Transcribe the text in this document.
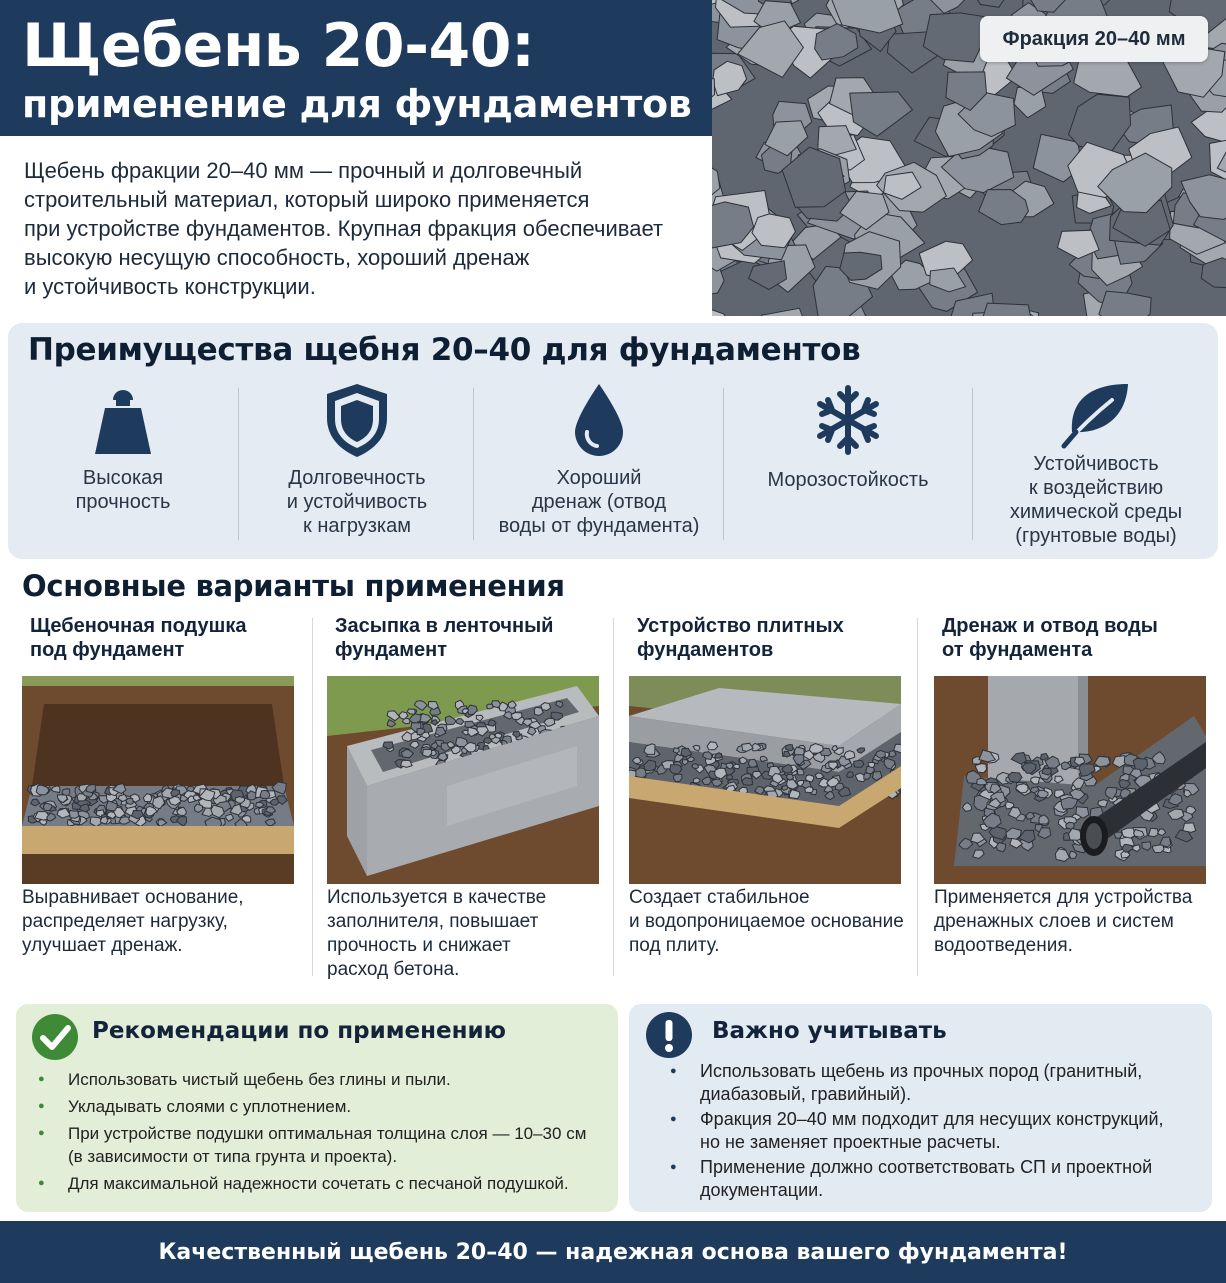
Щебень 20-40:
применение для фундаментов
Щебень фракции 20–40 мм — прочный и долговечный
строительный материал, который широко применяется
при устройстве фундаментов. Крупная фракция обеспечивает
высокую несущую способность, хороший дренаж
и устойчивость конструкции.
Фракция 20–40 мм
Преимущества щебня 20–40 для фундаментов
Высокая
прочность
Долговечность
и устойчивость
к нагрузкам
Хороший
дренаж (отвод
воды от фундамента)
Морозостойкость
Устойчивость
к воздействию
химической среды
(грунтовые воды)
Основные варианты применения
Щебеночная подушка
под фундамент
Выравнивает основание,
распределяет нагрузку,
улучшает дренаж.
Засыпка в ленточный
фундамент
Используется в качестве
заполнителя, повышает
прочность и снижает
расход бетона.
Устройство плитных
фундаментов
Создает стабильное
и водопроницаемое основание
под плиту.
Дренаж и отвод воды
от фундамента
Применяется для устройства
дренажных слоев и систем
водоотведения.
Рекомендации по применению
● Использовать чистый щебень без глины и пыли.
● Укладывать слоями с уплотнением.
● При устройстве подушки оптимальная толщина слоя — 10–30 см
(в зависимости от типа грунта и проекта).
● Для максимальной надежности сочетать с песчаной подушкой.
Важно учитывать
● Использовать щебень из прочных пород (гранитный,
диабазовый, гравийный).
● Фракция 20–40 мм подходит для несущих конструкций,
но не заменяет проектные расчеты.
● Применение должно соответствовать СП и проектной
документации.
Качественный щебень 20–40 — надежная основа вашего фундамента!
